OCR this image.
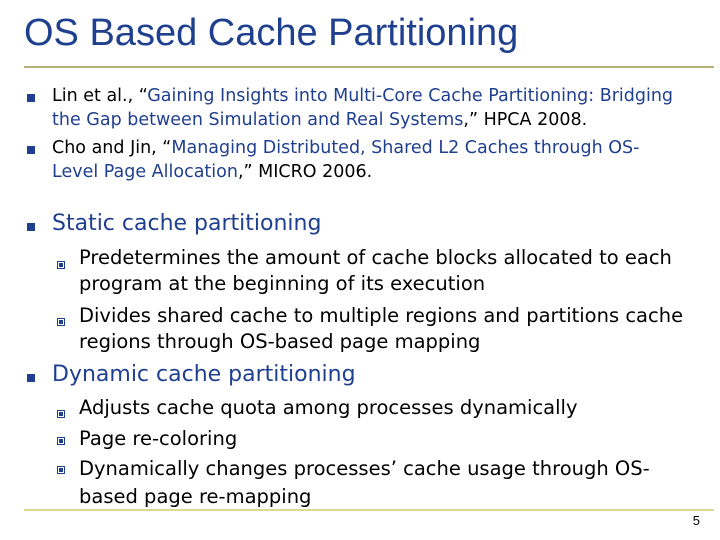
OS Based Cache Partitioning
Lin et al., “Gaining Insights into Multi-Core Cache Partitioning: Bridging
the Gap between Simulation and Real Systems,” HPCA 2008.
Cho and Jin, “Managing Distributed, Shared L2 Caches through OS-
Level Page Allocation,” MICRO 2006.
Static cache partitioning
Predetermines the amount of cache blocks allocated to each
program at the beginning of its execution
Divides shared cache to multiple regions and partitions cache
regions through OS-based page mapping
Dynamic cache partitioning
Adjusts cache quota among processes dynamically
Page re-coloring
Dynamically changes processes’ cache usage through OS-
based page re-mapping
5
